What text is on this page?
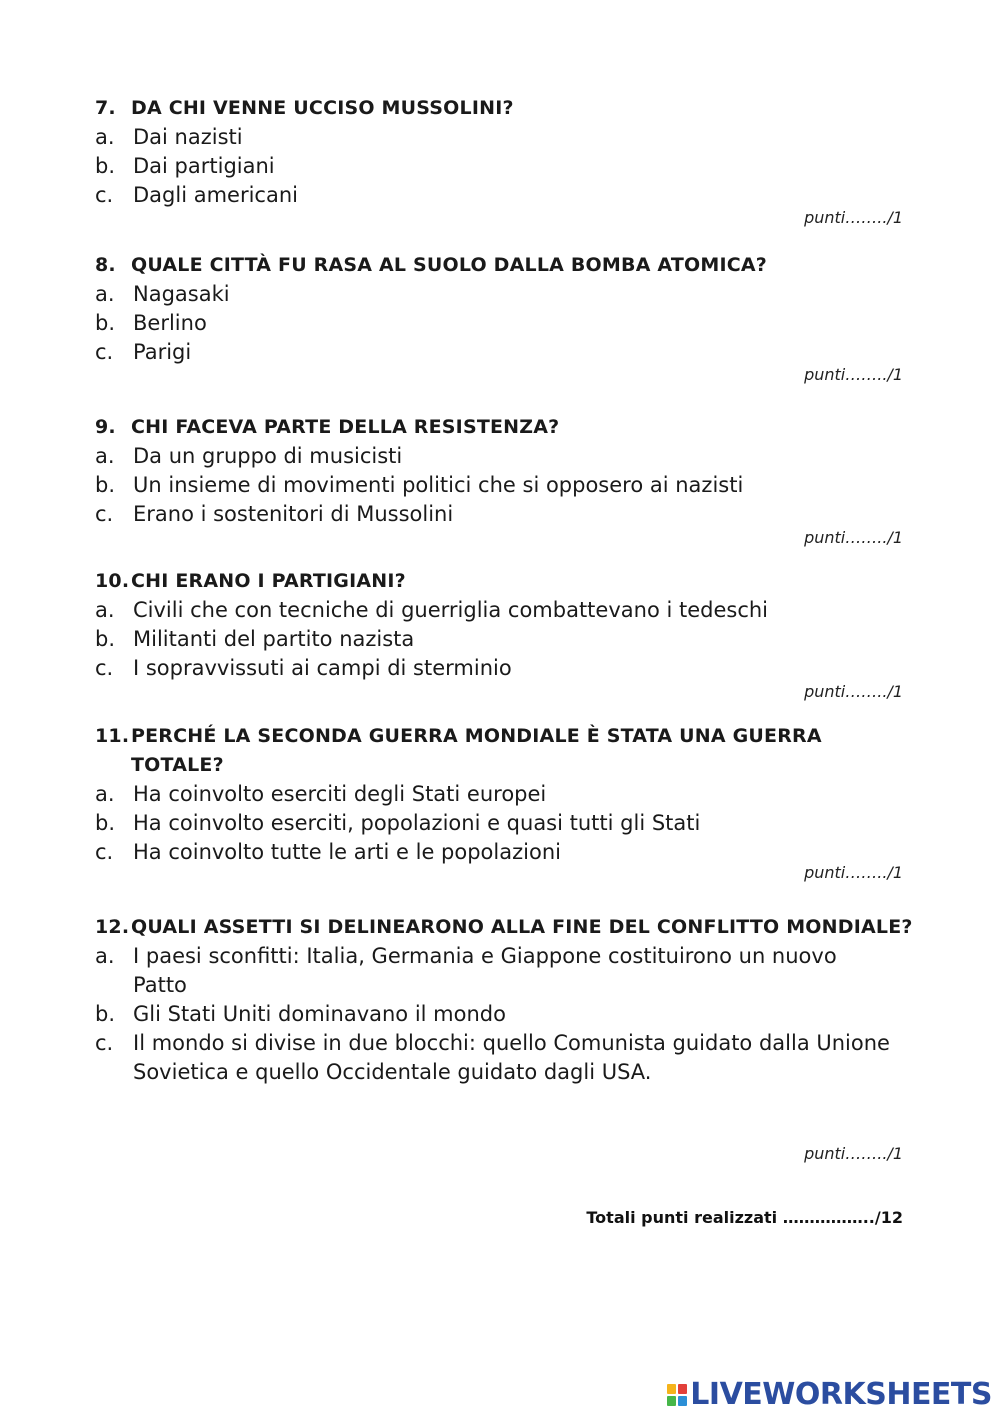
7. DA CHI VENNE UCCISO MUSSOLINI?
a. Dai nazisti
b. Dai partigiani
c. Dagli americani
punti……../1
8. QUALE CITTÀ FU RASA AL SUOLO DALLA BOMBA ATOMICA?
a. Nagasaki
b. Berlino
c. Parigi
punti……../1
9. CHI FACEVA PARTE DELLA RESISTENZA?
a. Da un gruppo di musicisti
b. Un insieme di movimenti politici che si opposero ai nazisti
c. Erano i sostenitori di Mussolini
punti……../1
10. CHI ERANO I PARTIGIANI?
a. Civili che con tecniche di guerriglia combattevano i tedeschi
b. Militanti del partito nazista
c. I sopravvissuti ai campi di sterminio
punti……../1
11. PERCHÉ LA SECONDA GUERRA MONDIALE È STATA UNA GUERRA TOTALE?
a. Ha coinvolto eserciti degli Stati europei
b. Ha coinvolto eserciti, popolazioni e quasi tutti gli Stati
c. Ha coinvolto tutte le arti e le popolazioni
punti……../1
12. QUALI ASSETTI SI DELINEARONO ALLA FINE DEL CONFLITTO MONDIALE?
a. I paesi sconfitti: Italia, Germania e Giappone costituirono un nuovo Patto
b. Gli Stati Uniti dominavano il mondo
c. Il mondo si divise in due blocchi: quello Comunista guidato dalla Unione Sovietica e quello Occidentale guidato dagli USA.
punti……../1
Totali punti realizzati ……………../12
LIVEWORKSHEETS
